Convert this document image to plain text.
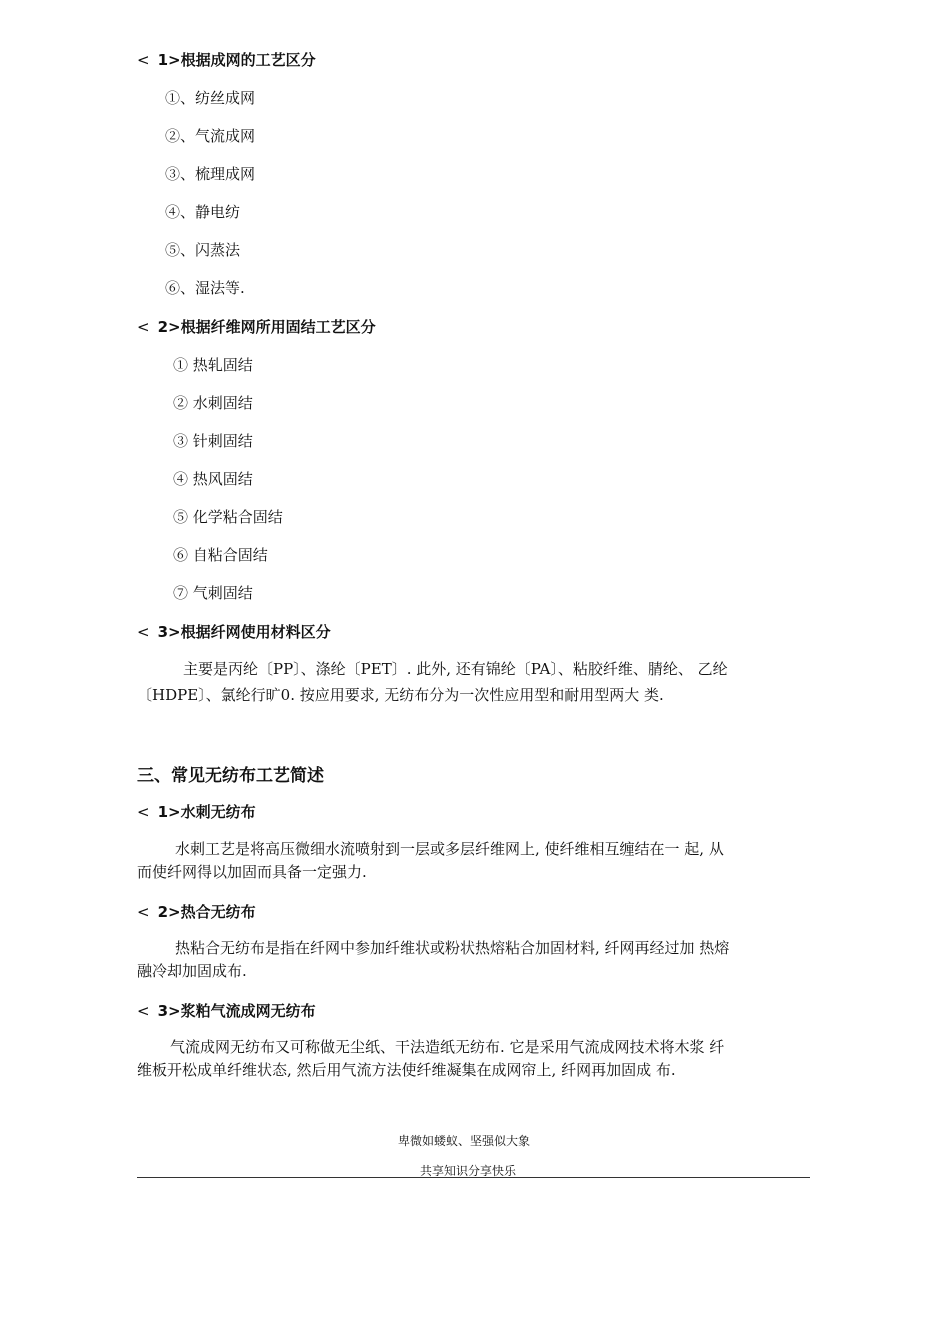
< 1>根据成网的工艺区分
①、纺丝成网
②、气流成网
③、梳理成网
④、静电纺
⑤、闪蒸法
⑥、湿法等.
< 2>根据纤维网所用固结工艺区分
① 热轧固结
② 水刺固结
③ 针刺固结
④ 热风固结
⑤ 化学粘合固结
⑥ 自粘合固结
⑦ 气刺固结
< 3>根据纤网使用材料区分
主要是丙纶〔PP〕、涤纶〔PET〕. 此外, 还有锦纶〔PA〕、粘胶纤维、腈纶、 乙纶
〔HDPE〕、氯纶行旷0. 按应用要求, 无纺布分为一次性应用型和耐用型两大 类.
三、常见无纺布工艺简述
< 1>水刺无纺布
水刺工艺是将高压微细水流喷射到一层或多层纤维网上, 使纤维相互缠结在一 起, 从
而使纤网得以加固而具备一定强力.
< 2>热合无纺布
热粘合无纺布是指在纤网中参加纤维状或粉状热熔粘合加固材料, 纤网再经过加 热熔
融冷却加固成布.
< 3>浆粕气流成网无纺布
气流成网无纺布又可称做无尘纸、干法造纸无纺布. 它是采用气流成网技术将木浆 纤
维板开松成单纤维状态, 然后用气流方法使纤维凝集在成网帘上, 纤网再加固成 布.
卑微如蝼蚁、坚强似大象
共享知识分享快乐
